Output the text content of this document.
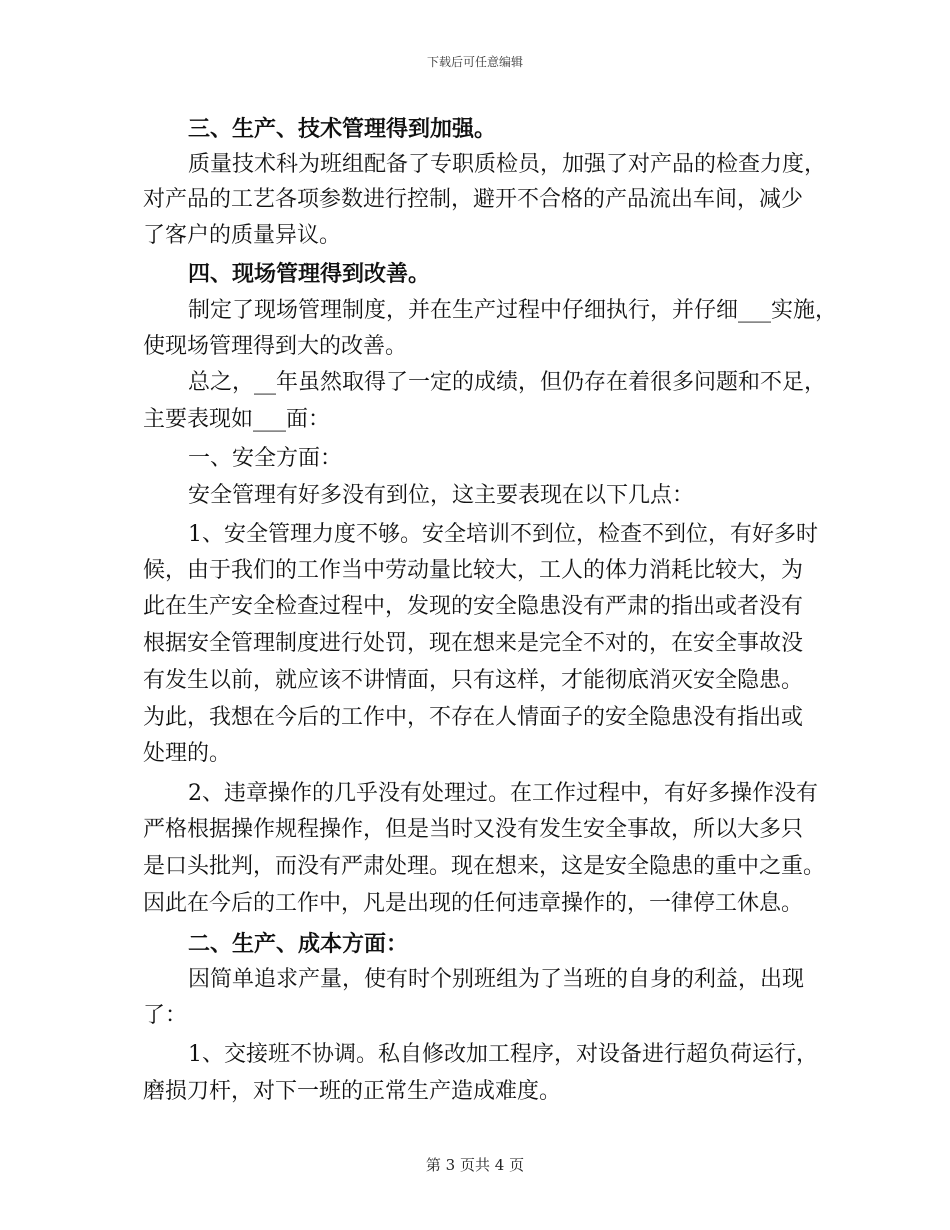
下载后可任意编辑
三、生产、技术管理得到加强。
质量技术科为班组配备了专职质检员，加强了对产品的检查力度，
对产品的工艺各项参数进行控制，避开不合格的产品流出车间，减少
了客户的质量异议。
四、现场管理得到改善。
制定了现场管理制度，并在生产过程中仔细执行，并仔细___实施，
使现场管理得到大的改善。
总之，__年虽然取得了一定的成绩，但仍存在着很多问题和不足，
主要表现如___面：
一、安全方面：
安全管理有好多没有到位，这主要表现在以下几点：
1、安全管理力度不够。安全培训不到位，检查不到位，有好多时
候，由于我们的工作当中劳动量比较大，工人的体力消耗比较大，为
此在生产安全检查过程中，发现的安全隐患没有严肃的指出或者没有
根据安全管理制度进行处罚，现在想来是完全不对的，在安全事故没
有发生以前，就应该不讲情面，只有这样，才能彻底消灭安全隐患。
为此，我想在今后的工作中，不存在人情面子的安全隐患没有指出或
处理的。
2、违章操作的几乎没有处理过。在工作过程中，有好多操作没有
严格根据操作规程操作，但是当时又没有发生安全事故，所以大多只
是口头批判，而没有严肃处理。现在想来，这是安全隐患的重中之重。
因此在今后的工作中，凡是出现的任何违章操作的，一律停工休息。
二、生产、成本方面：
因简单追求产量，使有时个别班组为了当班的自身的利益，出现
了：
1、交接班不协调。私自修改加工程序，对设备进行超负荷运行，
磨损刀杆，对下一班的正常生产造成难度。
第 3 页共 4 页
